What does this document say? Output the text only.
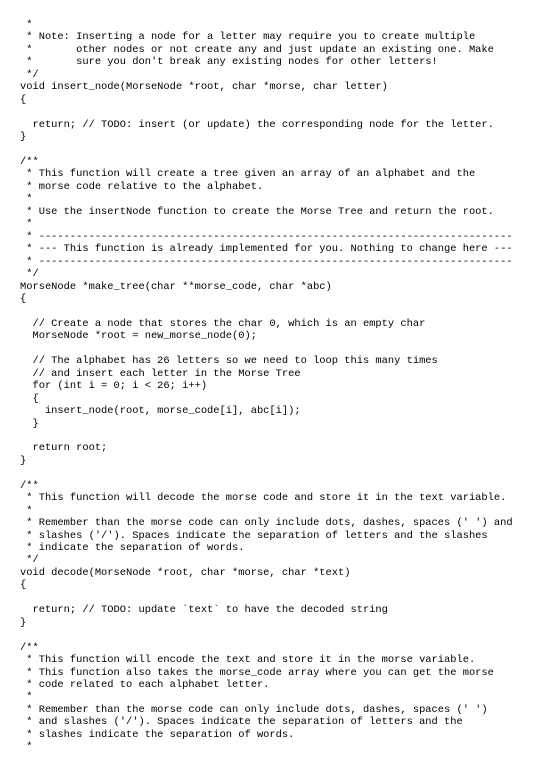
*
* Note: Inserting a node for a letter may require you to create multiple
*       other nodes or not create any and just update an existing one. Make
*       sure you don't break any existing nodes for other letters!
*/
void insert_node(MorseNode *root, char *morse, char letter)
{
return; // TODO: insert (or update) the corresponding node for the letter.
}
/**
* This function will create a tree given an array of an alphabet and the
* morse code relative to the alphabet.
*
* Use the insertNode function to create the Morse Tree and return the root.
*
* ----------------------------------------------------------------------------
* --- This function is already implemented for you. Nothing to change here ---
* ----------------------------------------------------------------------------
*/
MorseNode *make_tree(char **morse_code, char *abc)
{
// Create a node that stores the char 0, which is an empty char
MorseNode *root = new_morse_node(0);
// The alphabet has 26 letters so we need to loop this many times
// and insert each letter in the Morse Tree
for (int i = 0; i < 26; i++)
{
insert_node(root, morse_code[i], abc[i]);
}
return root;
}
/**
* This function will decode the morse code and store it in the text variable.
*
* Remember than the morse code can only include dots, dashes, spaces (' ') and
* slashes ('/'). Spaces indicate the separation of letters and the slashes
* indicate the separation of words.
*/
void decode(MorseNode *root, char *morse, char *text)
{
return; // TODO: update `text` to have the decoded string
}
/**
* This function will encode the text and store it in the morse variable.
* This function also takes the morse_code array where you can get the morse
* code related to each alphabet letter.
*
* Remember than the morse code can only include dots, dashes, spaces (' ')
* and slashes ('/'). Spaces indicate the separation of letters and the
* slashes indicate the separation of words.
*
